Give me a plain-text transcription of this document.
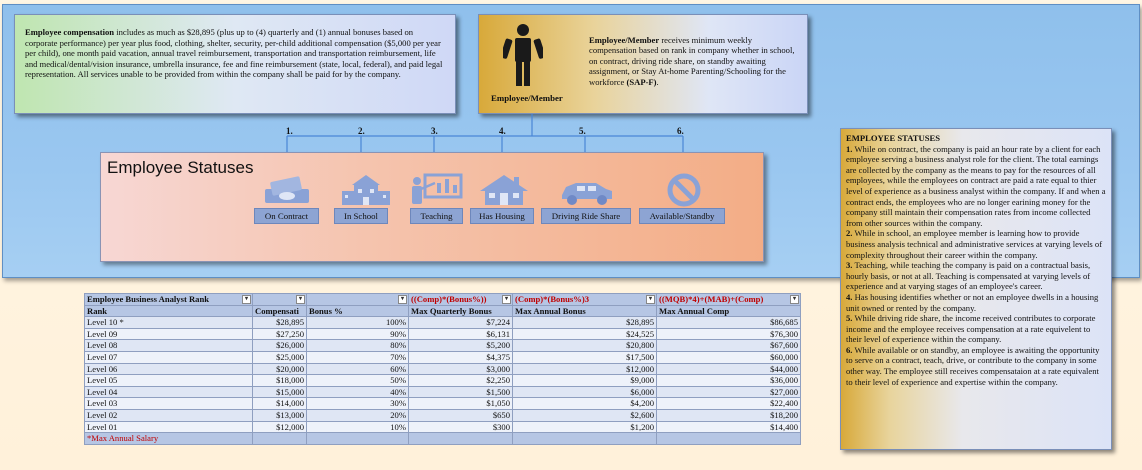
Employee compensation includes as much as $28,895 (plus up to (4) quarterly and (1) annual bonuses based on corporate performance) per year plus food, clothing, shelter, security, per-child additional compensation ($5,000 per year per child), one month paid vacation, annual travel reimbursement, transportation and transportation reimbursement, life and medical/dental/vision insurance, umbrella insurance, fee and fine reimbursement (state, local, federal), and paid legal representation. All services unable to be provided from within the company shall be paid for by the company.
Employee/Member
Employee/Member receives minimum weekly compensation based on rank in company whether in school, on contract, driving ride share, on standby awaiting assignment, or Stay At-home Parenting/Schooling for the workforce (SAP-F).
1.	2.	3.	4.	5.	6.
Employee Statuses
On Contract	In School	Teaching	Has Housing	Driving Ride Share	Available/Standby
EMPLOYEE STATUSES
1. While on contract, the company is paid an hour rate by a client for each employee serving a business analyst role for the client. The total earnings are collected by the company as the means to pay for the resources of all employees, while the employees on contract are paid a rate equal to thier level of experience as a business analyst within the company. If and when a contract ends, the employees who are no longer earining money for the company still maintain their compensation rates from income collected from other sources within the company.
2. While in school, an employee member is learning how to provide business analysis technical and administrative services at varying levels of complexity throughout their career within the company.
3. Teaching, while teaching the company is paid on a contractual basis, hourly basis, or not at all. Teaching is compensated at varying levels of experience and at varying stages of an employee's career.
4. Has housing identifies whether or not an employee dwells in a housing unit owned or rented by the company.
5. While driving ride share, the income received contributes to corporate income and the employee receives compensation at a rate equivelent to their level of experience within the company.
6. While available or on standby, an employee is awaiting the opportunity to serve on a contract, teach, drive, or contribute to the company in some other way. The employee still receives compensataion at a rate equivalent to their level of experience and expertise within the company.
Employee Business Analyst Rank ▾	▾	▾	((Comp)*(Bonus%)) ▾	(Comp)*(Bonus%)3 ▾	((MQB)*4)+(MAB)+(Comp) ▾

Rank	Compensati	Bonus %	Max Quarterly Bonus	Max Annual Bonus	Max Annual Comp
Level 10 *	$28,895	100%	$7,224	$28,895	$86,685
Level 09	$27,250	90%	$6,131	$24,525	$76,300
Level 08	$26,000	80%	$5,200	$20,800	$67,600
Level 07	$25,000	70%	$4,375	$17,500	$60,000
Level 06	$20,000	60%	$3,000	$12,000	$44,000
Level 05	$18,000	50%	$2,250	$9,000	$36,000
Level 04	$15,000	40%	$1,500	$6,000	$27,000
Level 03	$14,000	30%	$1,050	$4,200	$22,400
Level 02	$13,000	20%	$650	$2,600	$18,200
Level 01	$12,000	10%	$300	$1,200	$14,400
*Max Annual Salary					
